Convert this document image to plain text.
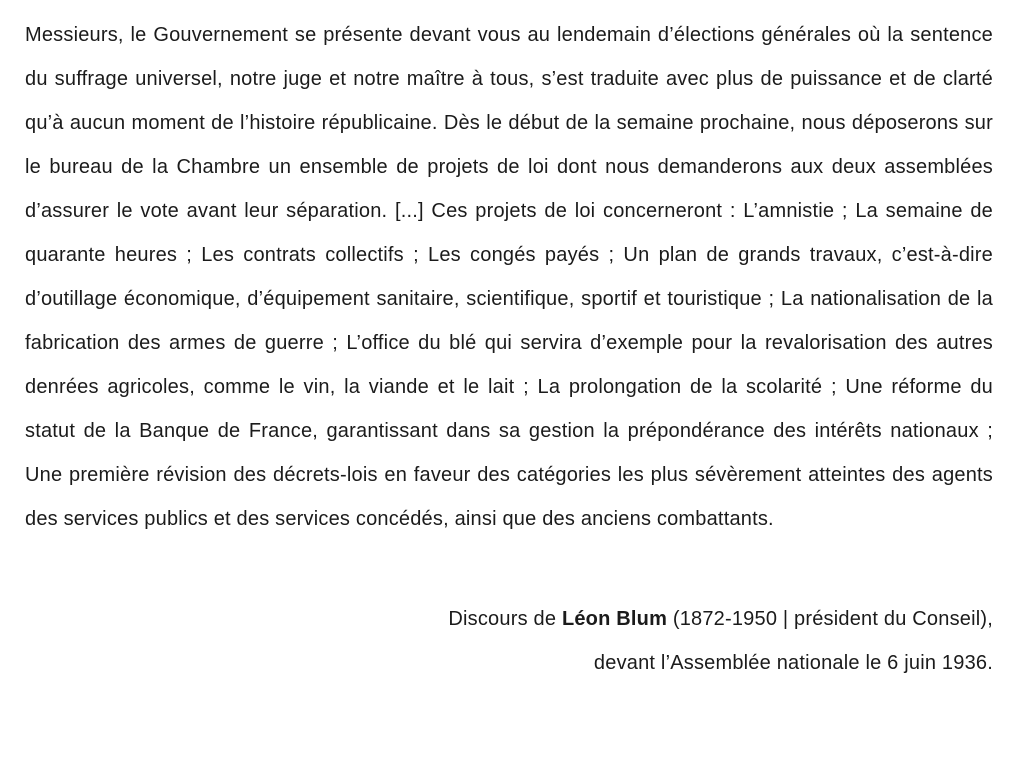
Messieurs, le Gouvernement se présente devant vous au lendemain d’élections générales où la sentence du suffrage universel, notre juge et notre maître à tous, s’est traduite avec plus de puissance et de clarté qu’à aucun moment de l’histoire républicaine. Dès le début de la semaine prochaine, nous déposerons sur le bureau de la Chambre un ensemble de projets de loi dont nous demanderons aux deux assemblées d’assurer le vote avant leur séparation. [...] Ces projets de loi concerneront : L’amnistie ; La semaine de quarante heures ; Les contrats collectifs ; Les congés payés ; Un plan de grands travaux, c’est-à-dire d’outillage économique, d’équipement sanitaire, scientifique, sportif et touristique ; La nationalisation de la fabrication des armes de guerre ; L’office du blé qui servira d’exemple pour la revalorisation des autres denrées agricoles, comme le vin, la viande et le lait ; La prolongation de la scolarité ; Une réforme du statut de la Banque de France, garantissant dans sa gestion la prépondérance des intérêts nationaux ; Une première révision des décrets-lois en faveur des catégories les plus sévèrement atteintes des agents des services publics et des services concédés, ainsi que des anciens combattants.

Discours de Léon Blum (1872-1950 | président du Conseil),
devant l’Assemblée nationale le 6 juin 1936.
